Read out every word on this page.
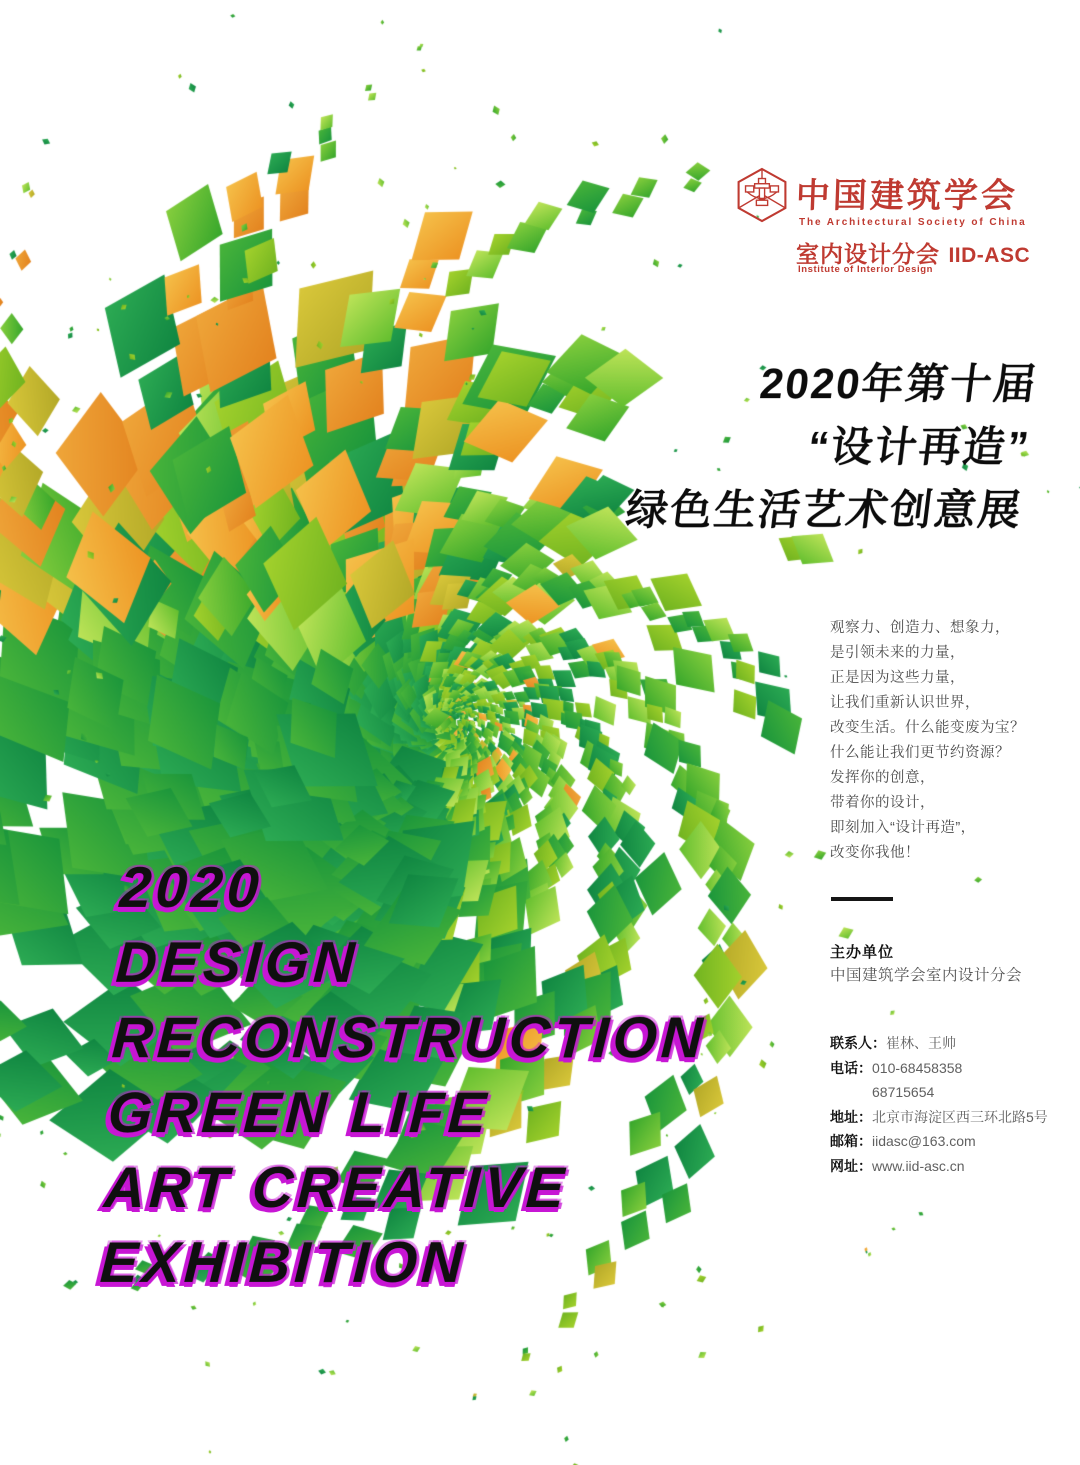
中国建筑学会
The Architectural Society of China
室内设计分会 IID-ASC
Institute of Interior Design
2020年第十届
“设计再造”
绿色生活艺术创意展
观察力、创造力、想象力，
是引领未来的力量，
正是因为这些力量，
让我们重新认识世界，
改变生活。什么能变废为宝？
什么能让我们更节约资源？
发挥你的创意，
带着你的设计，
即刻加入“设计再造”，
改变你我他！
主办单位
中国建筑学会室内设计分会
联系人：崔林、王帅
电话：010-68458358
68715654
地址：北京市海淀区西三环北路5号
邮箱：iidasc@163.com
网址：www.iid-asc.cn
2020
DESIGN
RECONSTRUCTION
GREEN LIFE
ART CREATIVE
EXHIBITION
